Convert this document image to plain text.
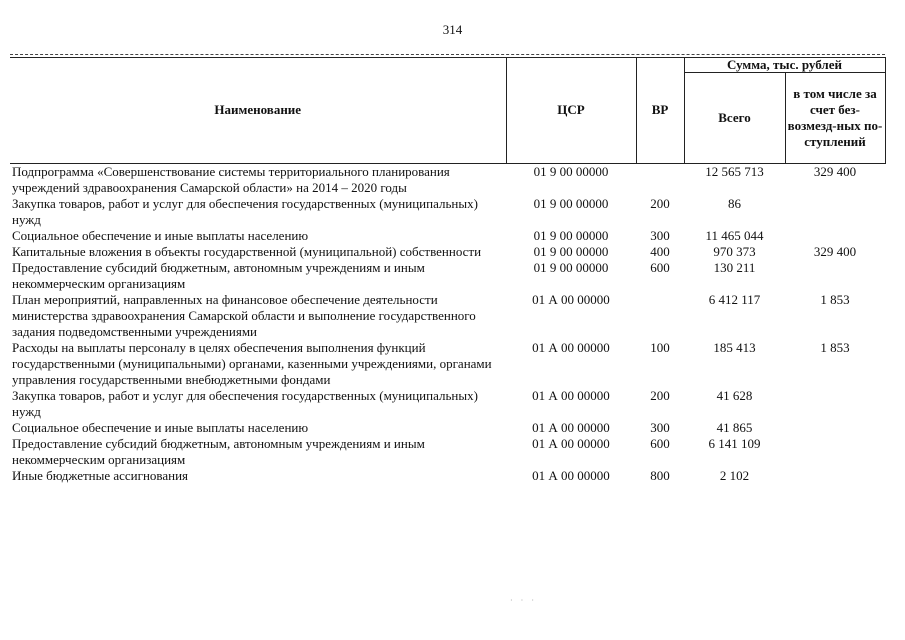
314
Наименование	ЦСР	ВР	Сумма, тыс. рублей	
			Всего	в том числе за счет без-возмезд-ных по-ступлений
Подпрограмма «Совершенствование системы территориального планирования учреждений здравоохранения Самарской области» на 2014 – 2020 годы	01 9 00 00000		12 565 713	329 400
Закупка товаров, работ и услуг для обеспечения государственных (муниципальных) нужд	01 9 00 00000	200	86	
Социальное обеспечение и иные выплаты населению	01 9 00 00000	300	11 465 044	
Капитальные вложения в объекты государственной (муниципальной) собственности	01 9 00 00000	400	970 373	329 400
Предоставление субсидий бюджетным, автономным учреждениям и иным некоммерческим организациям	01 9 00 00000	600	130 211	
План мероприятий, направленных на финансовое обеспечение деятельности министерства здравоохранения Самарской области и выполнение государственного задания подведомственными учреждениями	01 А 00 00000		6 412 117	1 853
Расходы на выплаты персоналу в целях обеспечения выполнения функций государственными (муниципальными) органами, казенными учреждениями, органами управления государственными внебюджетными фондами	01 А 00 00000	100	185 413	1 853
Закупка товаров, работ и услуг для обеспечения государственных (муниципальных) нужд	01 А 00 00000	200	41 628	
Социальное обеспечение и иные выплаты населению	01 А 00 00000	300	41 865	
Предоставление субсидий бюджетным, автономным учреждениям и иным некоммерческим организациям	01 А 00 00000	600	6 141 109	
Иные бюджетные ассигнования	01 А 00 00000	800	2 102	
· · ·
